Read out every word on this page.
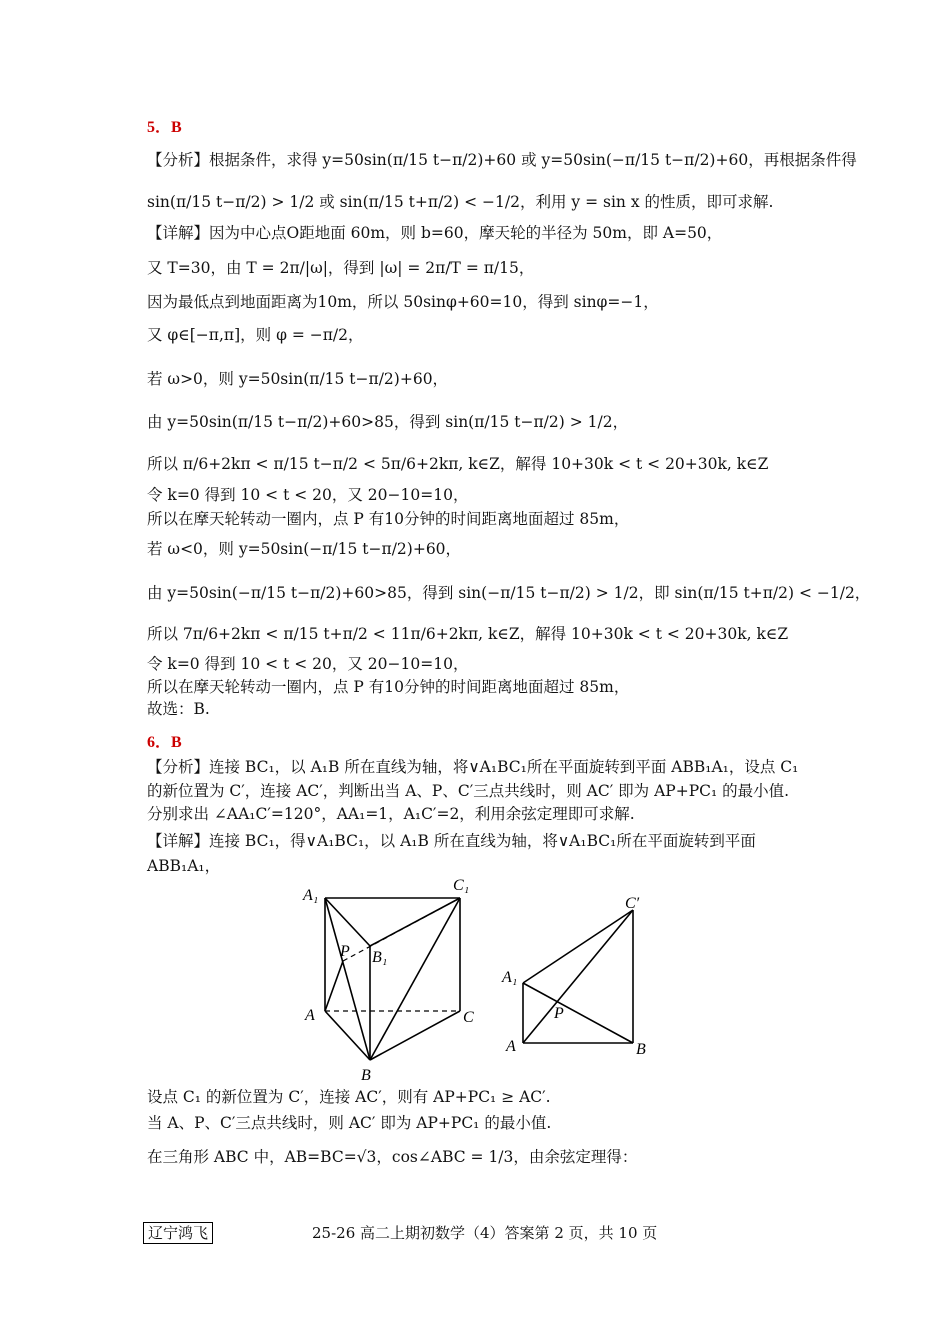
5．B
【分析】根据条件，求得 y=50sin(π/15 t−π/2)+60 或 y=50sin(−π/15 t−π/2)+60，再根据条件得
sin(π/15 t−π/2) > 1/2 或 sin(π/15 t+π/2) < −1/2，利用 y = sin x 的性质，即可求解.
【详解】因为中心点O距地面 60m，则 b=60，摩天轮的半径为 50m，即 A=50，
又 T=30，由 T = 2π/|ω|，得到 |ω| = 2π/T = π/15，
因为最低点到地面距离为10m，所以 50sinφ+60=10，得到 sinφ=−1，
又 φ∈[−π,π]，则 φ = −π/2，
若 ω>0，则 y=50sin(π/15 t−π/2)+60，
由 y=50sin(π/15 t−π/2)+60>85，得到 sin(π/15 t−π/2) > 1/2，
所以 π/6+2kπ < π/15 t−π/2 < 5π/6+2kπ, k∈Z，解得 10+30k < t < 20+30k, k∈Z
令 k=0 得到 10 < t < 20，又 20−10=10，
所以在摩天轮转动一圈内，点 P 有10分钟的时间距离地面超过 85m，
若 ω<0，则 y=50sin(−π/15 t−π/2)+60，
由 y=50sin(−π/15 t−π/2)+60>85，得到 sin(−π/15 t−π/2) > 1/2，即 sin(π/15 t+π/2) < −1/2，
所以 7π/6+2kπ < π/15 t+π/2 < 11π/6+2kπ, k∈Z，解得 10+30k < t < 20+30k, k∈Z
令 k=0 得到 10 < t < 20，又 20−10=10，
所以在摩天轮转动一圈内，点 P 有10分钟的时间距离地面超过 85m，
故选：B.
6．B
【分析】连接 BC₁，以 A₁B 所在直线为轴，将∨A₁BC₁所在平面旋转到平面 ABB₁A₁，设点 C₁
的新位置为 C′，连接 AC′，判断出当 A、P、C′三点共线时，则 AC′ 即为 AP+PC₁ 的最小值.
分别求出 ∠AA₁C′=120°，AA₁=1，A₁C′=2，利用余弦定理即可求解.
【详解】连接 BC₁，得∨A₁BC₁，以 A₁B 所在直线为轴，将∨A₁BC₁所在平面旋转到平面
ABB₁A₁，
A₁
C₁
P B₁
A	C
B
C′
A₁
P
A	B
设点 C₁ 的新位置为 C′，连接 AC′，则有 AP+PC₁ ≥ AC′.
当 A、P、C′三点共线时，则 AC′ 即为 AP+PC₁ 的最小值.
在三角形 ABC 中，AB=BC=√3，cos∠ABC = 1/3，由余弦定理得：
辽宁鸿飞	25-26 高二上期初数学（4）答案第 2 页，共 10 页
